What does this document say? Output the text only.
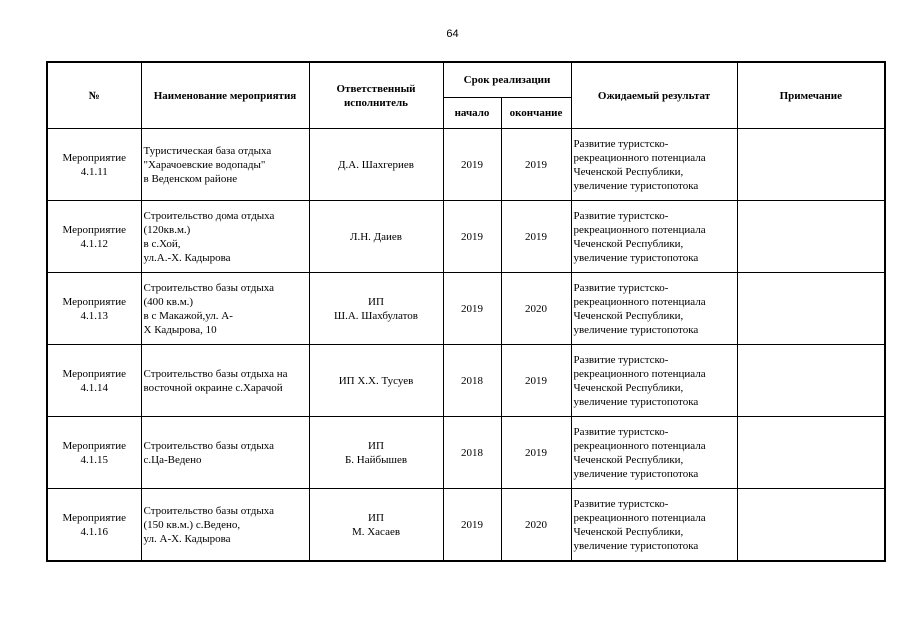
64
№	Наименование мероприятия	Ответственный
исполнитель	Срок реализации		Ожидаемый результат	Примечание
			начало	окончание		

Мероприятие
4.1.11	Туристическая база отдыха
"Харачоевские водопады"
в Веденском районе	Д.А. Шахгериев	2019	2019	Развитие туристско-
рекреационного потенциала
Чеченской Республики,
увеличение туристопотока	

Мероприятие
4.1.12	Строительство дома отдыха
(120кв.м.)
в с.Хой,
ул.А.-Х. Кадырова	Л.Н. Даиев	2019	2019	Развитие туристско-
рекреационного потенциала
Чеченской Республики,
увеличение туристопотока	

Мероприятие
4.1.13	Строительство базы отдыха
(400 кв.м.)
в с Макажой,ул. А-
Х Кадырова, 10	ИП
Ш.А. Шахбулатов	2019	2020	Развитие туристско-
рекреационного потенциала
Чеченской Республики,
увеличение туристопотока	

Мероприятие
4.1.14	Строительство базы отдыха на
восточной окраине с.Харачой	ИП Х.Х. Тусуев	2018	2019	Развитие туристско-
рекреационного потенциала
Чеченской Республики,
увеличение туристопотока	

Мероприятие
4.1.15	Строительство базы отдыха
с.Ца-Ведено	ИП
Б. Найбышев	2018	2019	Развитие туристско-
рекреационного потенциала
Чеченской Республики,
увеличение туристопотока	

Мероприятие
4.1.16	Строительство базы отдыха
(150 кв.м.) с.Ведено,
ул. А-Х. Кадырова	ИП
М. Хасаев	2019	2020	Развитие туристско-
рекреационного потенциала
Чеченской Республики,
увеличение туристопотока	
